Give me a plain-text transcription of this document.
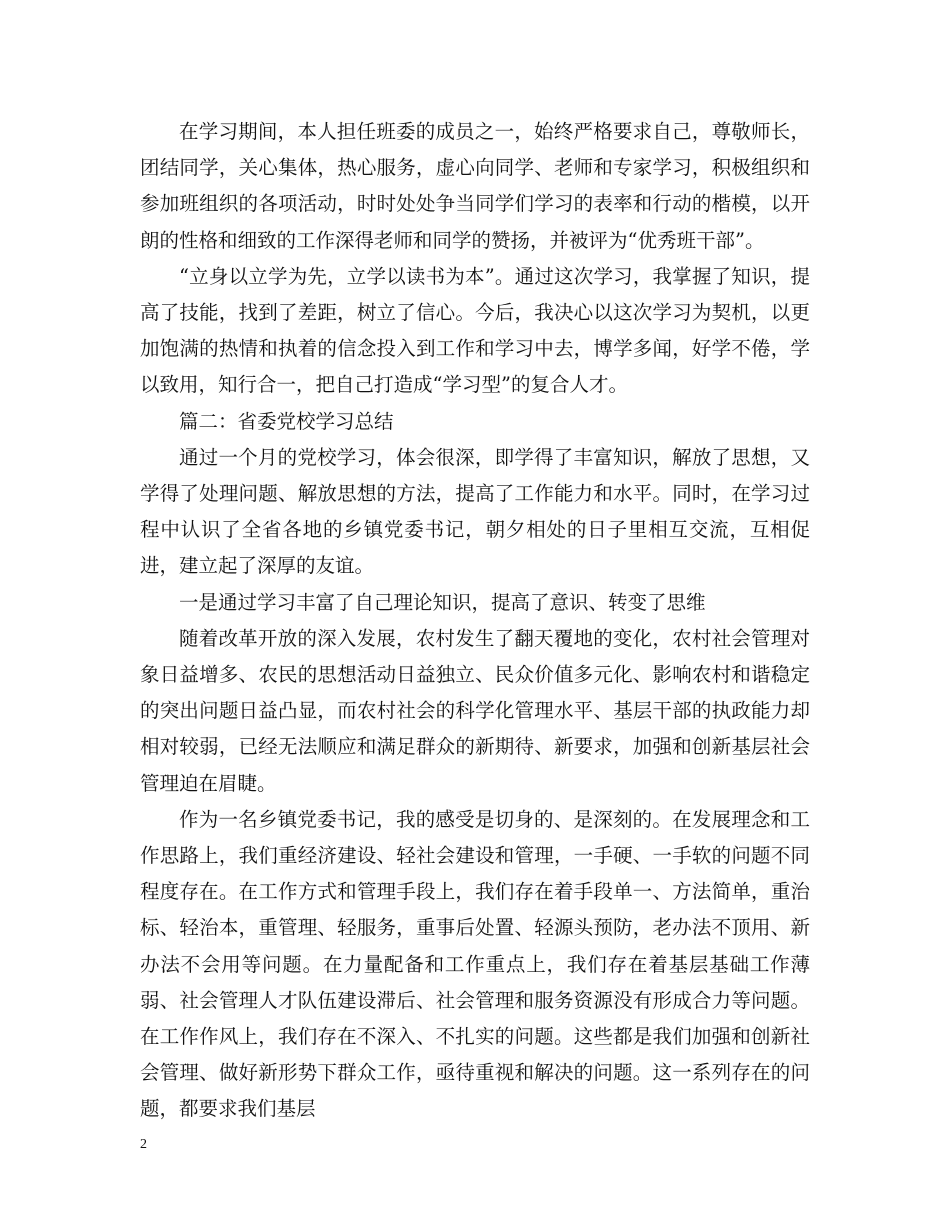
在学习期间，本人担任班委的成员之一，始终严格要求自己，尊敬师长，团结同学，关心集体，热心服务，虚心向同学、老师和专家学习，积极组织和参加班组织的各项活动，时时处处争当同学们学习的表率和行动的楷模，以开朗的性格和细致的工作深得老师和同学的赞扬，并被评为“优秀班干部”。

“立身以立学为先，立学以读书为本”。通过这次学习，我掌握了知识，提高了技能，找到了差距，树立了信心。今后，我决心以这次学习为契机，以更加饱满的热情和执着的信念投入到工作和学习中去，博学多闻，好学不倦，学以致用，知行合一，把自己打造成“学习型”的复合人才。

篇二：省委党校学习总结

通过一个月的党校学习，体会很深，即学得了丰富知识，解放了思想，又学得了处理问题、解放思想的方法，提高了工作能力和水平。同时，在学习过程中认识了全省各地的乡镇党委书记，朝夕相处的日子里相互交流，互相促进，建立起了深厚的友谊。

一是通过学习丰富了自己理论知识，提高了意识、转变了思维

随着改革开放的深入发展，农村发生了翻天覆地的变化，农村社会管理对象日益增多、农民的思想活动日益独立、民众价值多元化、影响农村和谐稳定的突出问题日益凸显，而农村社会的科学化管理水平、基层干部的执政能力却相对较弱，已经无法顺应和满足群众的新期待、新要求，加强和创新基层社会管理迫在眉睫。

作为一名乡镇党委书记，我的感受是切身的、是深刻的。在发展理念和工作思路上，我们重经济建设、轻社会建设和管理，一手硬、一手软的问题不同程度存在。在工作方式和管理手段上，我们存在着手段单一、方法简单，重治标、轻治本，重管理、轻服务，重事后处置、轻源头预防，老办法不顶用、新办法不会用等问题。在力量配备和工作重点上，我们存在着基层基础工作薄弱、社会管理人才队伍建设滞后、社会管理和服务资源没有形成合力等问题。在工作作风上，我们存在不深入、不扎实的问题。这些都是我们加强和创新社会管理、做好新形势下群众工作，亟待重视和解决的问题。这一系列存在的问题，都要求我们基层

2
